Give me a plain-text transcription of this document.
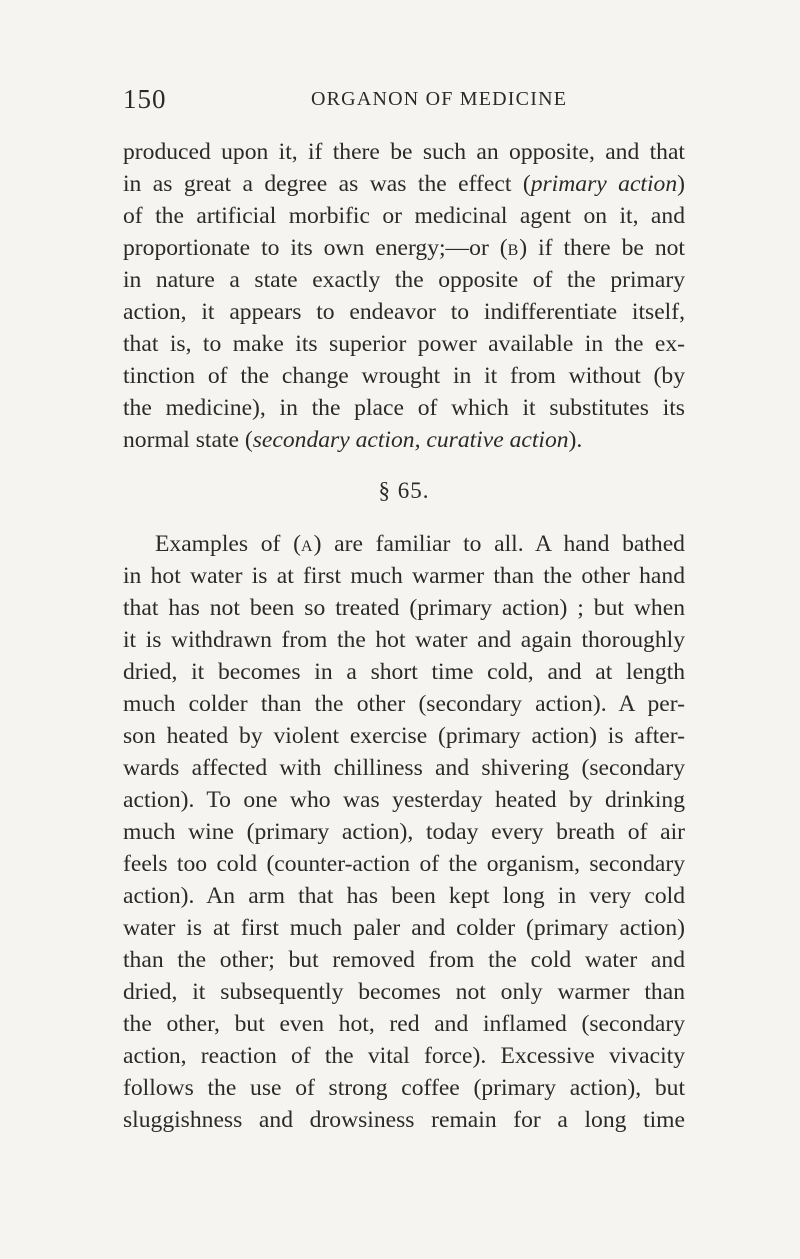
150	ORGANON OF MEDICINE
produced upon it, if there be such an opposite, and that
in as great a degree as was the effect (primary action)
of the artificial morbific or medicinal agent on it, and
proportionate to its own energy;—or (B) if there be not
in nature a state exactly the opposite of the primary
action, it appears to endeavor to indifferentiate itself,
that is, to make its superior power available in the ex-
tinction of the change wrought in it from without (by
the medicine), in the place of which it substitutes its
normal state (secondary action, curative action).
§ 65.
Examples of (A) are familiar to all. A hand bathed
in hot water is at first much warmer than the other hand
that has not been so treated (primary action) ; but when
it is withdrawn from the hot water and again thoroughly
dried, it becomes in a short time cold, and at length
much colder than the other (secondary action). A per-
son heated by violent exercise (primary action) is after-
wards affected with chilliness and shivering (secondary
action). To one who was yesterday heated by drinking
much wine (primary action), today every breath of air
feels too cold (counter-action of the organism, secondary
action). An arm that has been kept long in very cold
water is at first much paler and colder (primary action)
than the other; but removed from the cold water and
dried, it subsequently becomes not only warmer than
the other, but even hot, red and inflamed (secondary
action, reaction of the vital force). Excessive vivacity
follows the use of strong coffee (primary action), but
sluggishness and drowsiness remain for a long time
